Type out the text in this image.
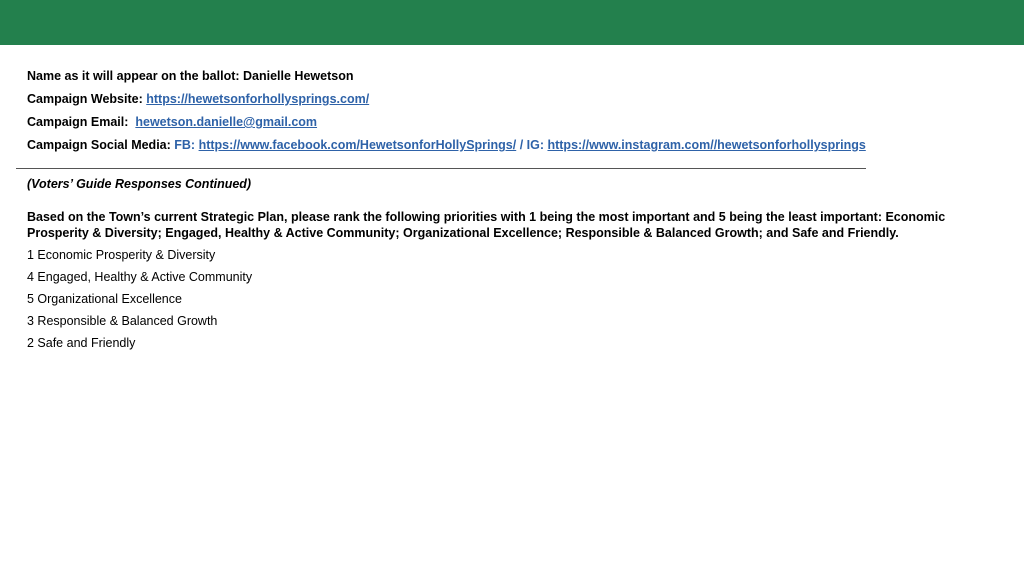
Name as it will appear on the ballot: Danielle Hewetson

Campaign Website: https://hewetsonforhollysprings.com/

Campaign Email:  hewetson.danielle@gmail.com

Campaign Social Media: FB: https://www.facebook.com/HewetsonforHollySprings/ / IG: https://www.instagram.com//hewetsonforhollysprings

(Voters’ Guide Responses Continued)
Based on the Town’s current Strategic Plan, please rank the following priorities with 1 being the most important and 5 being the least important: Economic Prosperity & Diversity; Engaged, Healthy & Active Community; Organizational Excellence; Responsible & Balanced Growth; and Safe and Friendly.
1 Economic Prosperity & Diversity
4 Engaged, Healthy & Active Community
5 Organizational Excellence
3 Responsible & Balanced Growth
2 Safe and Friendly
